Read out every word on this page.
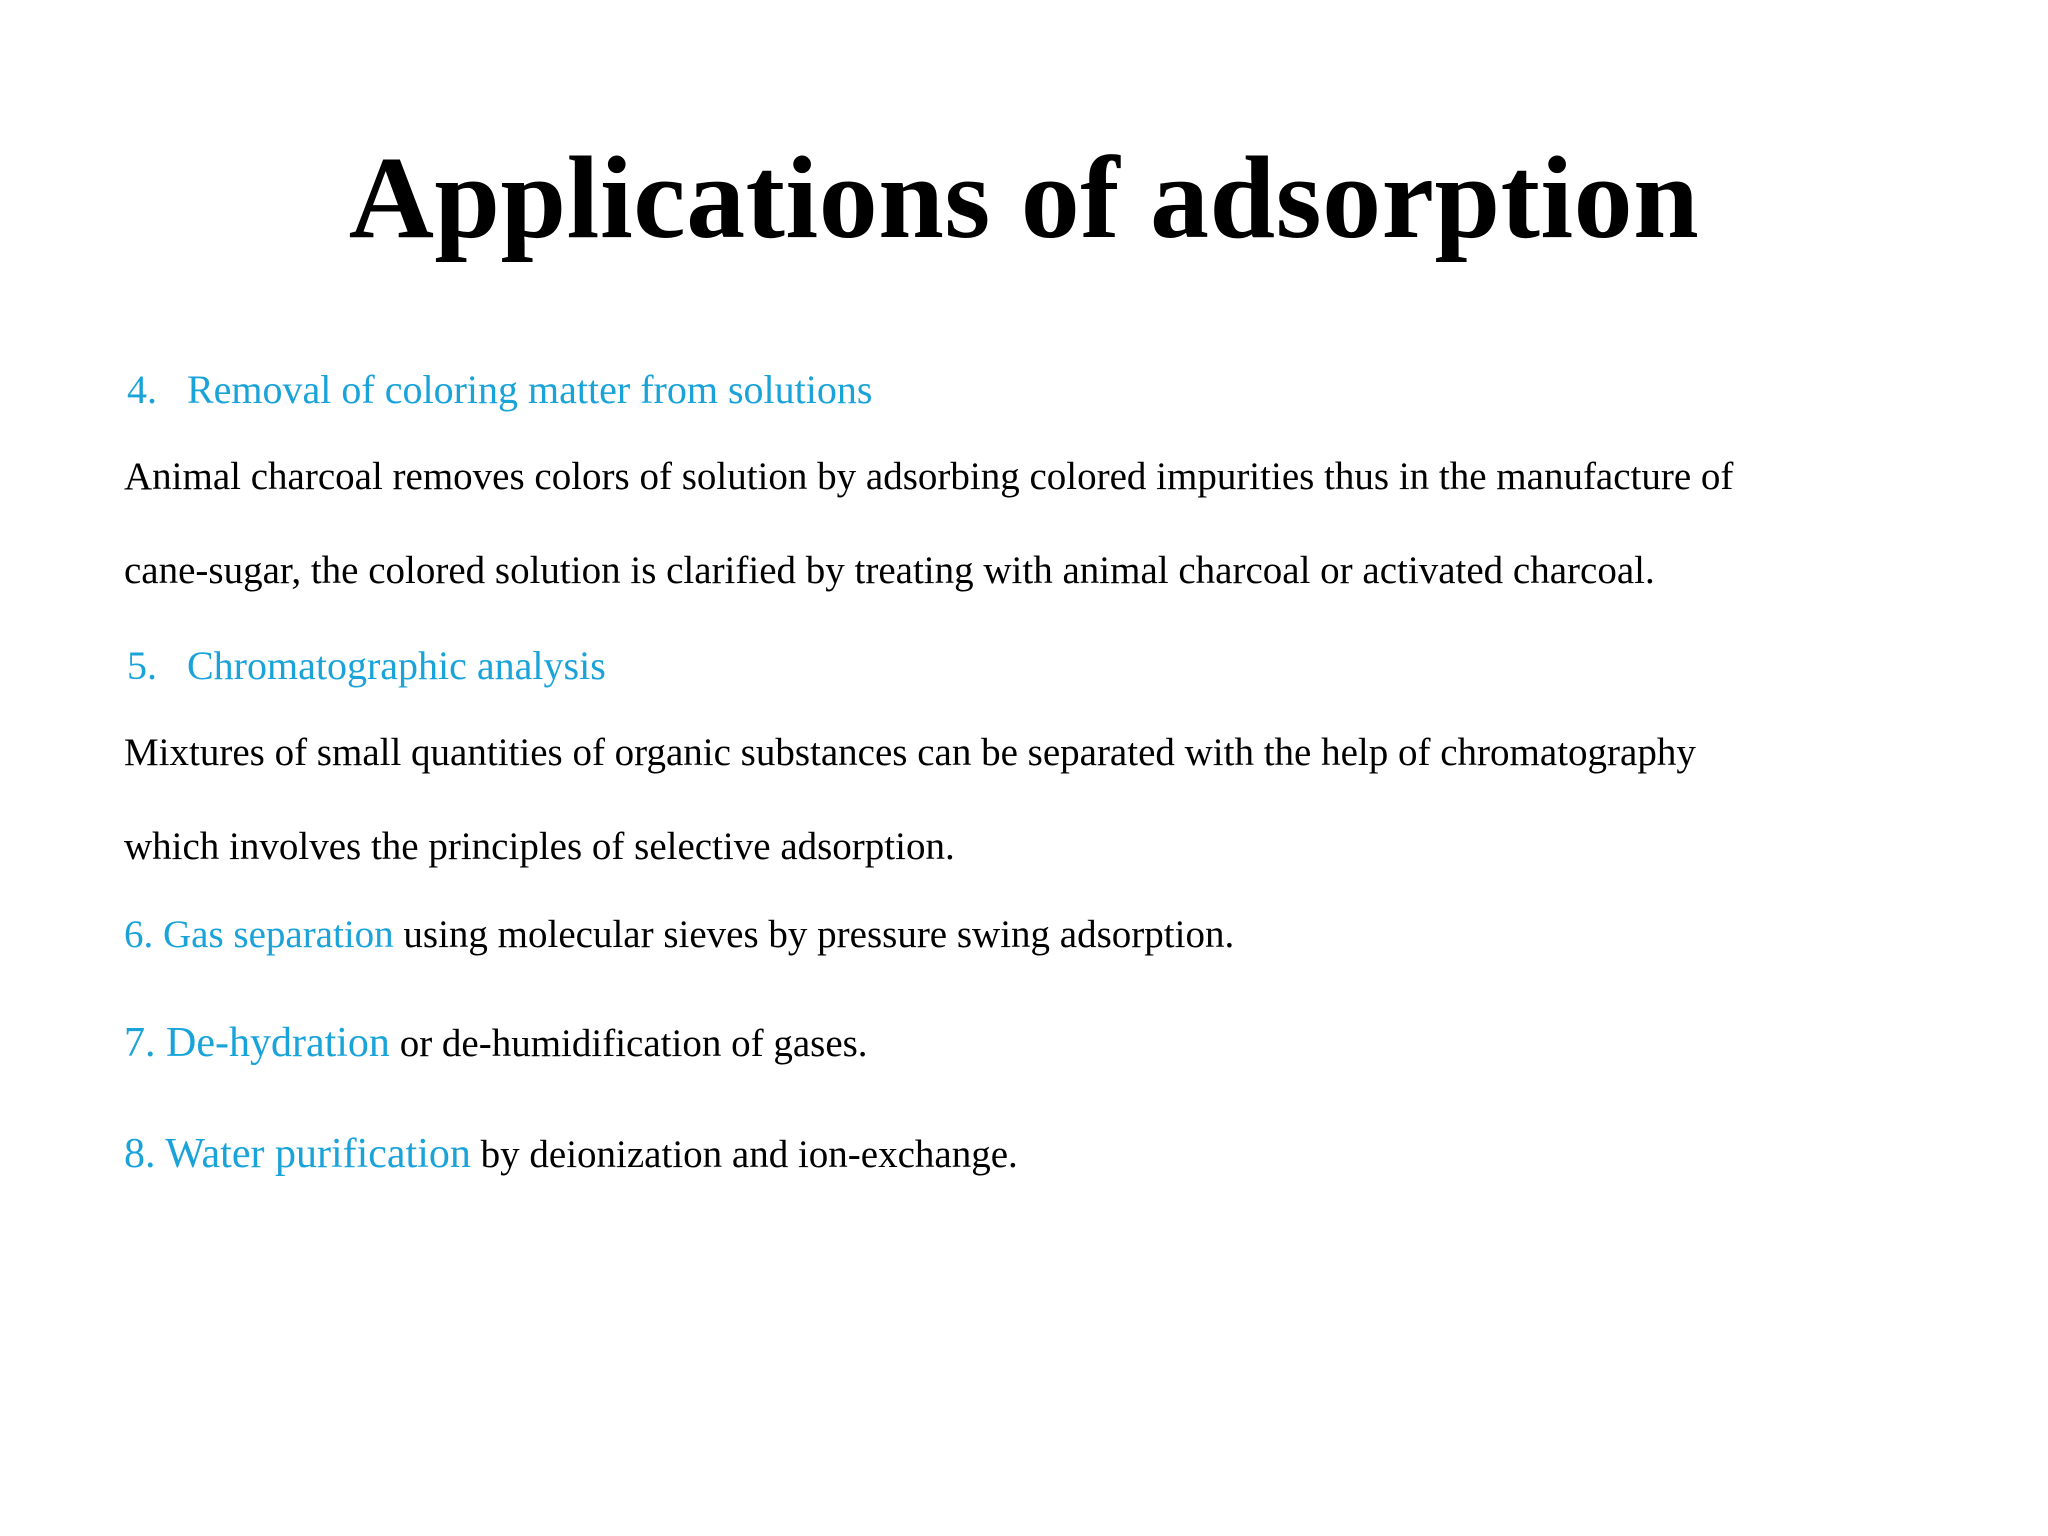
Applications of adsorption

4. Removal of coloring matter from solutions

Animal charcoal removes colors of solution by adsorbing colored impurities thus in the manufacture of

cane-sugar, the colored solution is clarified by treating with animal charcoal or activated charcoal.

5. Chromatographic analysis

Mixtures of small quantities of organic substances can be separated with the help of chromatography

which involves the principles of selective adsorption.

6. Gas separation using molecular sieves by pressure swing adsorption.

7. De-hydration or de-humidification of gases.

8. Water purification by deionization and ion-exchange.
